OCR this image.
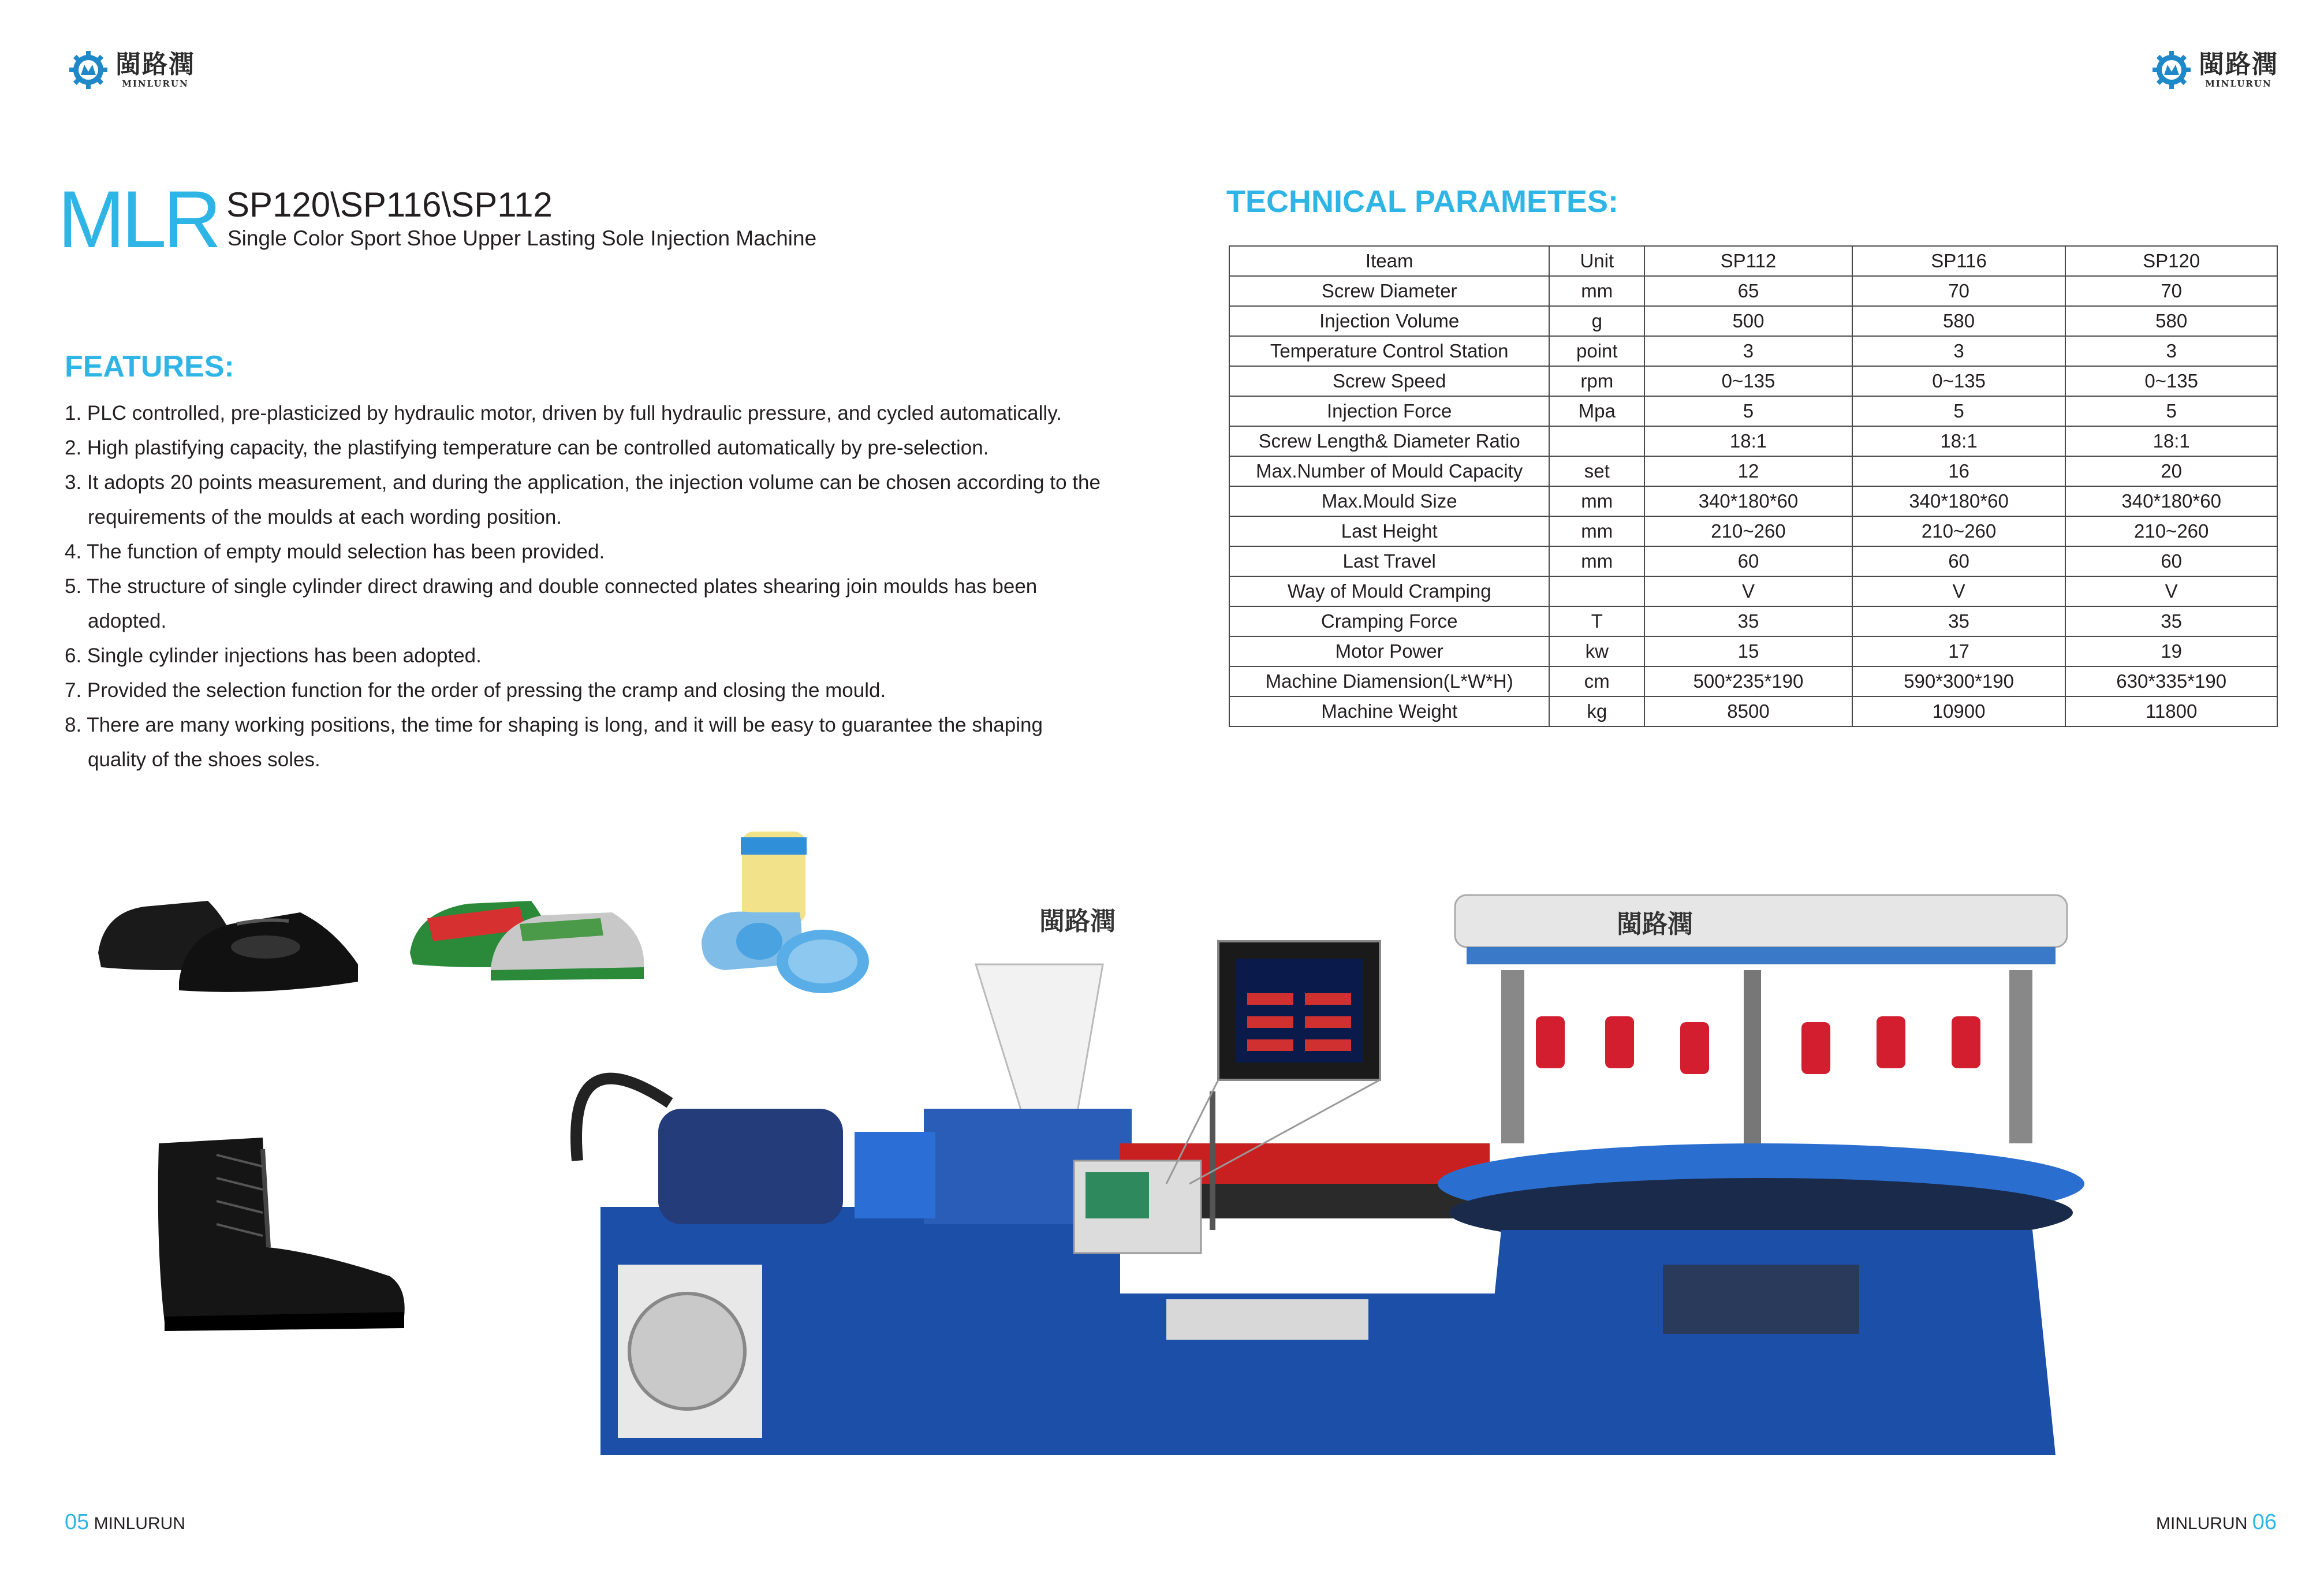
閩路潤
MINLURUN
閩路潤
MINLURUN
MLR SP120\SP116\SP112
Single Color Sport Shoe Upper Lasting Sole Injection Machine
FEATURES:
1. PLC controlled, pre-plasticized by hydraulic motor, driven by full hydraulic pressure, and cycled automatically.
2. High plastifying capacity, the plastifying temperature can be controlled automatically by pre-selection.
3. It adopts 20 points measurement, and during the application, the injection volume can be chosen according to the requirements of the moulds at each wording position.
4. The function of empty mould selection has been provided.
5. The structure of single cylinder direct drawing and double connected plates shearing join moulds has been adopted.
6. Single cylinder injections has been adopted.
7. Provided the selection function for the order of pressing the cramp and closing the mould.
8. There are many working positions, the time for shaping is long, and it will be easy to guarantee the shaping quality of the shoes soles.
TECHNICAL PARAMETES:
Iteam	Unit	SP112	SP116	SP120
Screw Diameter	mm	65	70	70
Injection Volume	g	500	580	580
Temperature Control Station	point	3	3	3
Screw Speed	rpm	0~135	0~135	0~135
Injection Force	Mpa	5	5	5
Screw Length& Diameter Ratio		18:1	18:1	18:1
Max.Number of Mould Capacity	set	12	16	20
Max.Mould Size	mm	340*180*60	340*180*60	340*180*60
Last Height	mm	210~260	210~260	210~260
Last Travel	mm	60	60	60
Way of Mould Cramping		V	V	V
Cramping Force	T	35	35	35
Motor Power	kw	15	17	19
Machine Diamension(L*W*H)	cm	500*235*190	590*300*190	630*335*190
Machine Weight	kg	8500	10900	11800
閩路潤	閩路潤
05 MINLURUN	MINLURUN 06
